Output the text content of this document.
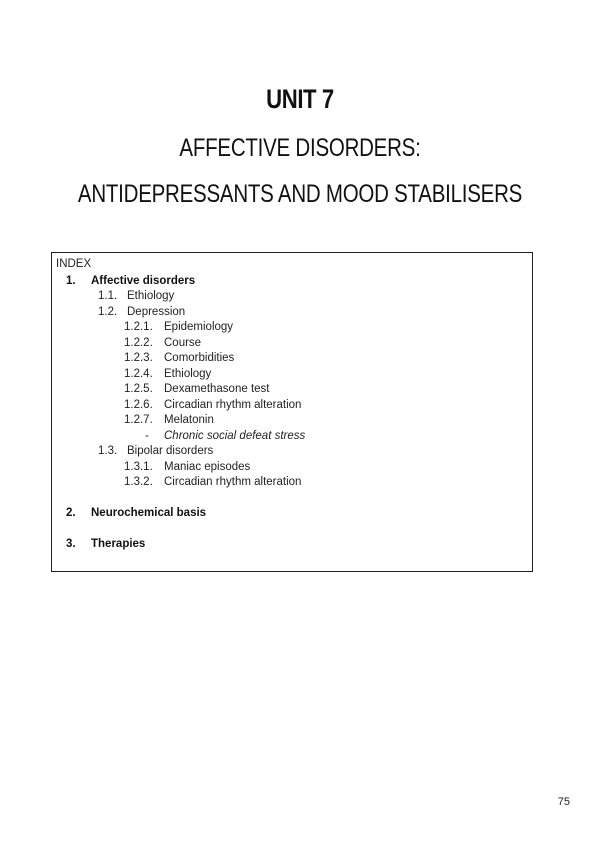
UNIT 7
AFFECTIVE DISORDERS:
ANTIDEPRESSANTS AND MOOD STABILISERS
INDEX
1. Affective disorders
1.1. Ethiology
1.2. Depression
1.2.1. Epidemiology
1.2.2. Course
1.2.3. Comorbidities
1.2.4. Ethiology
1.2.5. Dexamethasone test
1.2.6. Circadian rhythm alteration
1.2.7. Melatonin
- Chronic social defeat stress
1.3. Bipolar disorders
1.3.1. Maniac episodes
1.3.2. Circadian rhythm alteration
2. Neurochemical basis
3. Therapies
75
